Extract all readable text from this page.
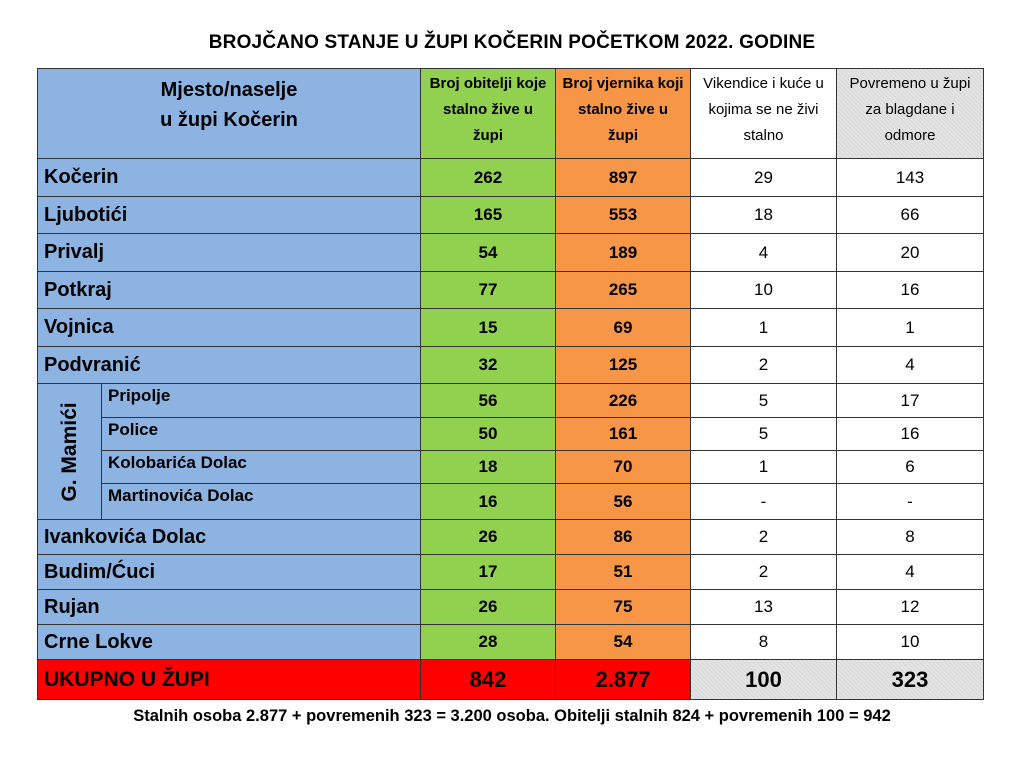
BROJČANO STANJE U ŽUPI KOČERIN POČETKOM 2022. GODINE
Mjesto/naselje
u župi Kočerin		Broj obitelji koje stalno žive u župi	Broj vjernika koji stalno žive u župi	Vikendice i kuće u kojima se ne živi stalno	Povremeno u župi za blagdane i odmore
Kočerin		262	897	29	143
Ljubotići		165	553	18	66
Privalj		54	189	4	20
Potkraj		77	265	10	16
Vojnica		15	69	1	1
Podvranić		32	125	2	4

G. Mamići	Pripolje	56	226	5	17
	Police	50	161	5	16
	Kolobarića Dolac	18	70	1	6
	Martinovića Dolac	16	56	-	-
Ivankovića Dolac		26	86	2	8
Budim/Ćuci		17	51	2	4
Rujan		26	75	13	12
Crne Lokve		28	54	8	10
UKUPNO U ŽUPI		842	2.877	100	323
Stalnih osoba 2.877 + povremenih 323 = 3.200 osoba. Obitelji stalnih 824 + povremenih 100 = 942
